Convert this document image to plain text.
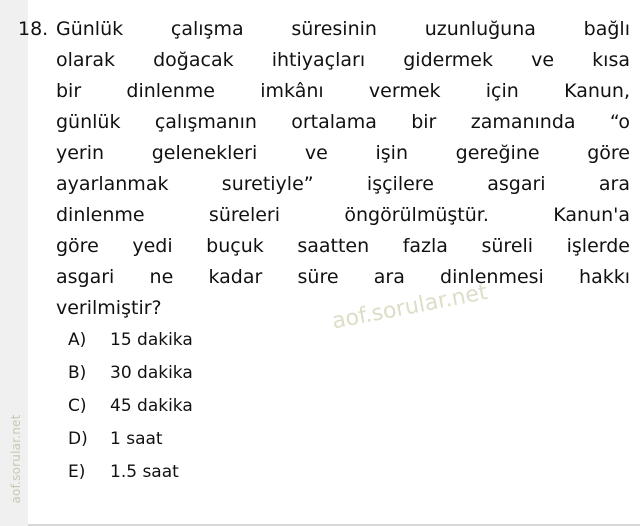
aof.sorular.net
aof.sorular.net
18. Günlük çalışma süresinin uzunluğuna bağlı
olarak doğacak ihtiyaçları gidermek ve kısa
bir dinlenme imkânı vermek için Kanun,
günlük çalışmanın ortalama bir zamanında “o
yerin gelenekleri ve işin gereğine göre
ayarlanmak suretiyle” işçilere asgari ara
dinlenme süreleri öngörülmüştür. Kanun'a
göre yedi buçuk saatten fazla süreli işlerde
asgari ne kadar süre ara dinlenmesi hakkı
verilmiştir?
A)	15 dakika
B)	30 dakika
C)	45 dakika
D)	1 saat
E)	1.5 saat
